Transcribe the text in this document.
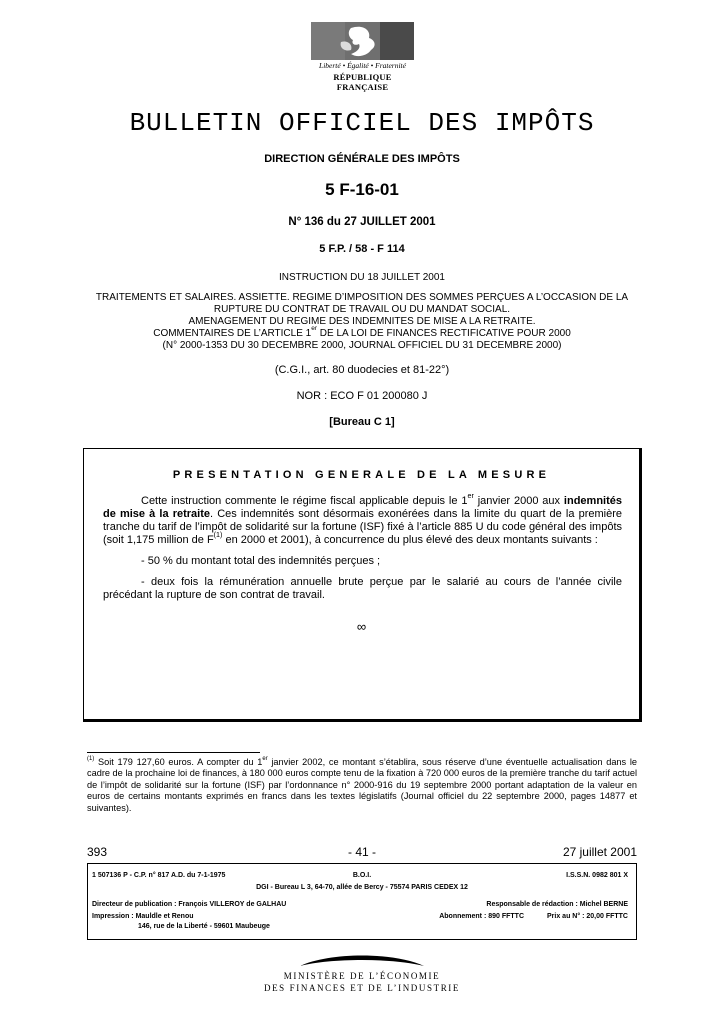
Liberté • Égalité • Fraternité
RÉPUBLIQUE FRANÇAISE
BULLETIN OFFICIEL DES IMPÔTS
DIRECTION GÉNÉRALE DES IMPÔTS
5 F-16-01
N° 136 du 27 JUILLET 2001
5 F.P. / 58 - F 114
INSTRUCTION DU 18 JUILLET 2001
TRAITEMENTS ET SALAIRES. ASSIETTE. REGIME D’IMPOSITION DES SOMMES PERÇUES A L’OCCASION DE LA
RUPTURE DU CONTRAT DE TRAVAIL OU DU MANDAT SOCIAL.
AMENAGEMENT DU REGIME DES INDEMNITES DE MISE A LA RETRAITE.
COMMENTAIRES DE L’ARTICLE 1er DE LA LOI DE FINANCES RECTIFICATIVE POUR 2000
(N° 2000-1353 DU 30 DECEMBRE 2000, JOURNAL OFFICIEL DU 31 DECEMBRE 2000)
(C.G.I., art. 80 duodecies et 81-22°)
NOR : ECO F 01 200080 J
[Bureau C 1]
PRESENTATION GENERALE DE LA MESURE

Cette instruction commente le régime fiscal applicable depuis le 1er janvier 2000 aux indemnités de mise à la retraite. Ces indemnités sont désormais exonérées dans la limite du quart de la première tranche du tarif de l’impôt de solidarité sur la fortune (ISF) fixé à l’article 885 U du code général des impôts (soit 1,175 million de $F^{(1)}$ en 2000 et 2001), à concurrence du plus élevé des deux montants suivants :

- 50 % du montant total des indemnités perçues ;

- deux fois la rémunération annuelle brute perçue par le salarié au cours de l’année civile précédant la rupture de son contrat de travail.

∞
$^{(1)}$ Soit 179 127,60 euros. A compter du 1er janvier 2002, ce montant s’établira, sous réserve d’une éventuelle actualisation dans le cadre de la prochaine loi de finances, à 180 000 euros compte tenu de la fixation à 720 000 euros de la première tranche du tarif actuel de l’impôt de solidarité sur la fortune (ISF) par l’ordonnance n° 2000-916 du 19 septembre 2000 portant adaptation de la valeur en euros de certains montants exprimés en francs dans les textes législatifs (Journal officiel du 22 septembre 2000, pages 14877 et suivantes).
393	- 41 -	27 juillet 2001
1 507136 P - C.P. n° 817 A.D. du 7-1-1975	B.O.I.	I.S.S.N. 0982 801 X
DGI - Bureau L 3, 64-70, allée de Bercy - 75574 PARIS CEDEX 12
Directeur de publication : François VILLEROY de GALHAU	Responsable de rédaction : Michel BERNE
Impression : Mauldle et Renou	Abonnement : 890 FFTTC	Prix au N° : 20,00 FFTTC
146, rue de la Liberté - 59601 Maubeuge
MINISTÈRE DE L’ÉCONOMIE
DES FINANCES ET DE L’INDUSTRIE
